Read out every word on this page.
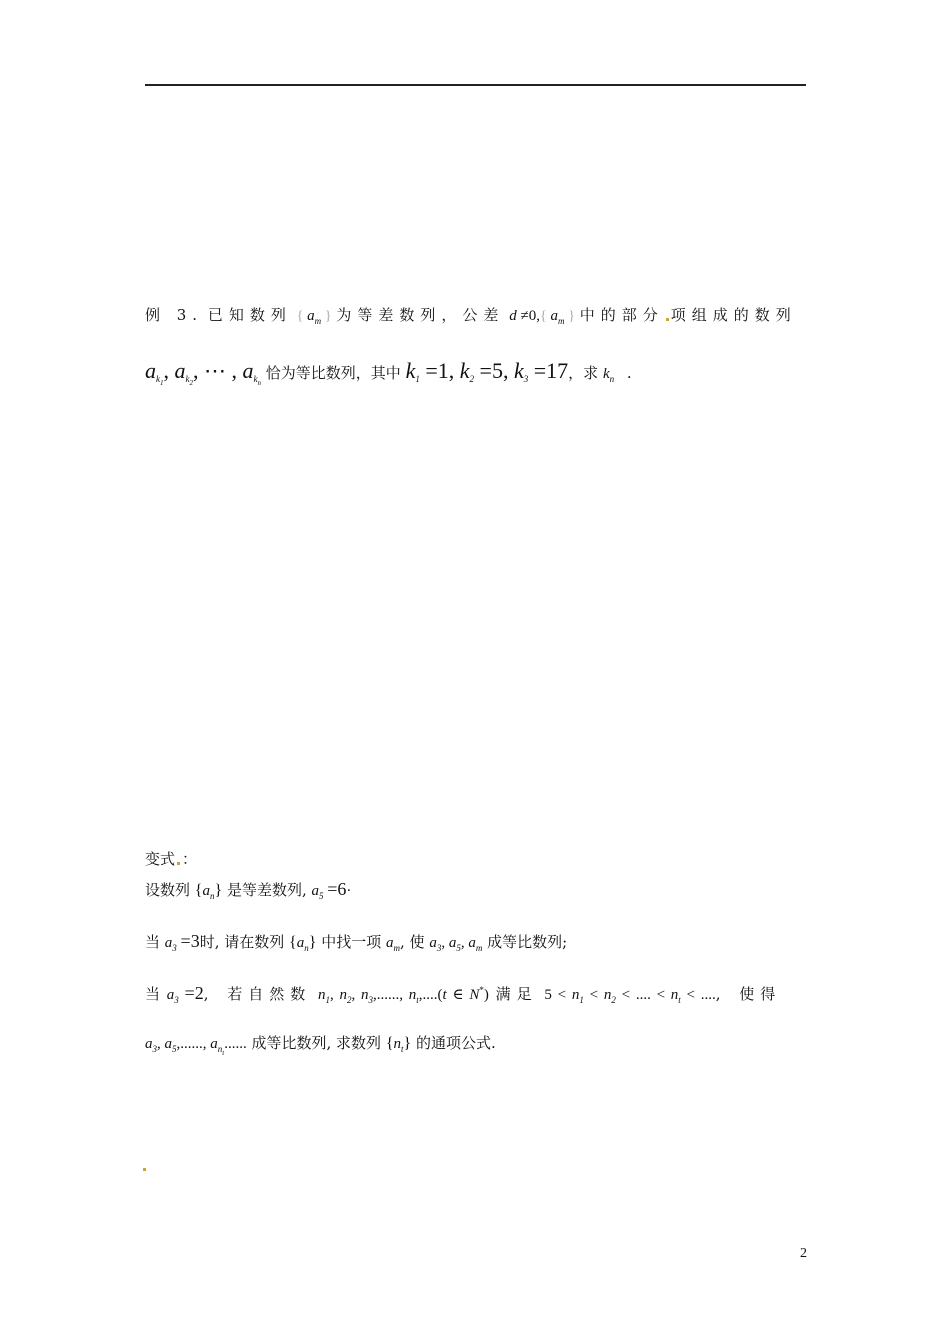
例 3. 已知数列 { $a_m$ } 为等差数列，公差 d ≠0,{ $a_m$ } 中的部分 项组成的数列
$a_{k_1}$, $a_{k_2}$, ⋯ , $a_{k_n}$ 恰为等比数列，其中 $k_1 =1$, $k_2 =5$, $k_3 =17$，求 $k_n$ .
变式 ：
设数列 $\{a_n\}$ 是等差数列, $a_5 =6\cdot$
当 $a_3 =3$时, 请在数列 $\{a_n\}$ 中找一项 $a_m$, 使 $a_3$, $a_5$, $a_m$ 成等比数列;
当 $a_3 =2$, 若自然数 $n_1$, $n_2$, $n_3$,......, $n_t,....(t$ ∈ N*) 满足 $5 < n_1 < n_2$ < .... < $n_t$ < ...., 使得
$a_3$, $a_5$,......, $a_{n_t}$...... 成等比数列, 求数列 $\{n_t\}$ 的通项公式.
2
